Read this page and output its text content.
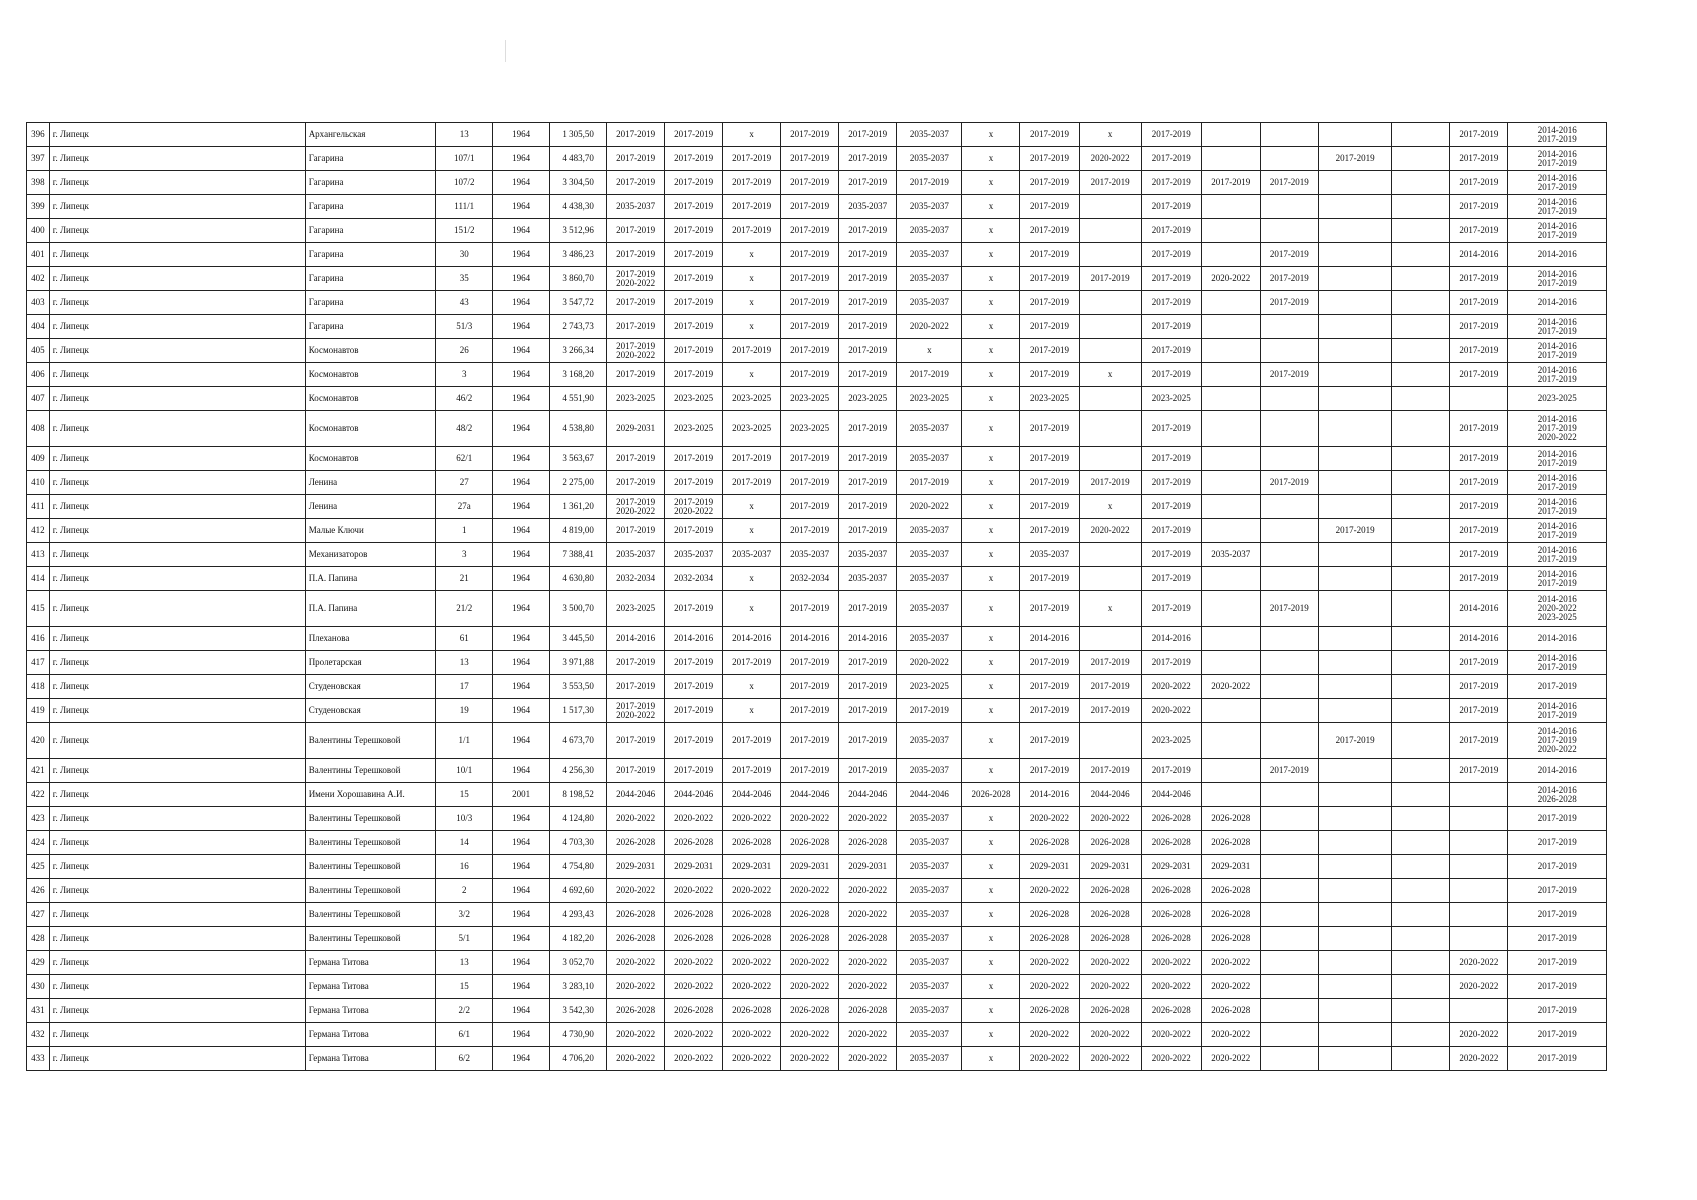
396	г. Липецк	Архангельская	13	1964	1 305,50	2017-2019	2017-2019	x	2017-2019	2017-2019	2035-2037	x	2017-2019	x	2017-2019					2017-2019	2014-2016 2017-2019
397	г. Липецк	Гагарина	107/1	1964	4 483,70	2017-2019	2017-2019	2017-2019	2017-2019	2017-2019	2035-2037	x	2017-2019	2020-2022	2017-2019			2017-2019		2017-2019	2014-2016 2017-2019
398	г. Липецк	Гагарина	107/2	1964	3 304,50	2017-2019	2017-2019	2017-2019	2017-2019	2017-2019	2017-2019	x	2017-2019	2017-2019	2017-2019	2017-2019	2017-2019			2017-2019	2014-2016 2017-2019
399	г. Липецк	Гагарина	111/1	1964	4 438,30	2035-2037	2017-2019	2017-2019	2017-2019	2035-2037	2035-2037	x	2017-2019		2017-2019					2017-2019	2014-2016 2017-2019
400	г. Липецк	Гагарина	151/2	1964	3 512,96	2017-2019	2017-2019	2017-2019	2017-2019	2017-2019	2035-2037	x	2017-2019		2017-2019					2017-2019	2014-2016 2017-2019
401	г. Липецк	Гагарина	30	1964	3 486,23	2017-2019	2017-2019	x	2017-2019	2017-2019	2035-2037	x	2017-2019		2017-2019		2017-2019			2014-2016	2014-2016
402	г. Липецк	Гагарина	35	1964	3 860,70	2017-2019 2020-2022	2017-2019	x	2017-2019	2017-2019	2035-2037	x	2017-2019	2017-2019	2017-2019	2020-2022	2017-2019			2017-2019	2014-2016 2017-2019
403	г. Липецк	Гагарина	43	1964	3 547,72	2017-2019	2017-2019	x	2017-2019	2017-2019	2035-2037	x	2017-2019		2017-2019		2017-2019			2017-2019	2014-2016
404	г. Липецк	Гагарина	51/3	1964	2 743,73	2017-2019	2017-2019	x	2017-2019	2017-2019	2020-2022	x	2017-2019		2017-2019					2017-2019	2014-2016 2017-2019
405	г. Липецк	Космонавтов	26	1964	3 266,34	2017-2019 2020-2022	2017-2019	2017-2019	2017-2019	2017-2019	x	x	2017-2019		2017-2019					2017-2019	2014-2016 2017-2019
406	г. Липецк	Космонавтов	3	1964	3 168,20	2017-2019	2017-2019	x	2017-2019	2017-2019	2017-2019	x	2017-2019	x	2017-2019		2017-2019			2017-2019	2014-2016 2017-2019
407	г. Липецк	Космонавтов	46/2	1964	4 551,90	2023-2025	2023-2025	2023-2025	2023-2025	2023-2025	2023-2025	x	2023-2025		2023-2025						2023-2025
408	г. Липецк	Космонавтов	48/2	1964	4 538,80	2029-2031	2023-2025	2023-2025	2023-2025	2017-2019	2035-2037	x	2017-2019		2017-2019					2017-2019	2014-2016 2017-2019 2020-2022
409	г. Липецк	Космонавтов	62/1	1964	3 563,67	2017-2019	2017-2019	2017-2019	2017-2019	2017-2019	2035-2037	x	2017-2019		2017-2019					2017-2019	2014-2016 2017-2019
410	г. Липецк	Ленина	27	1964	2 275,00	2017-2019	2017-2019	2017-2019	2017-2019	2017-2019	2017-2019	x	2017-2019	2017-2019	2017-2019		2017-2019			2017-2019	2014-2016 2017-2019
411	г. Липецк	Ленина	27a	1964	1 361,20	2017-2019 2020-2022	2017-2019 2020-2022	x	2017-2019	2017-2019	2020-2022	x	2017-2019	x	2017-2019					2017-2019	2014-2016 2017-2019
412	г. Липецк	Малые Ключи	1	1964	4 819,00	2017-2019	2017-2019	x	2017-2019	2017-2019	2035-2037	x	2017-2019	2020-2022	2017-2019			2017-2019		2017-2019	2014-2016 2017-2019
413	г. Липецк	Механизаторов	3	1964	7 388,41	2035-2037	2035-2037	2035-2037	2035-2037	2035-2037	2035-2037	x	2035-2037		2017-2019	2035-2037				2017-2019	2014-2016 2017-2019
414	г. Липецк	П.А. Папина	21	1964	4 630,80	2032-2034	2032-2034	x	2032-2034	2035-2037	2035-2037	x	2017-2019		2017-2019					2017-2019	2014-2016 2017-2019
415	г. Липецк	П.А. Папина	21/2	1964	3 500,70	2023-2025	2017-2019	x	2017-2019	2017-2019	2035-2037	x	2017-2019	x	2017-2019		2017-2019			2014-2016	2014-2016 2020-2022 2023-2025
416	г. Липецк	Плеханова	61	1964	3 445,50	2014-2016	2014-2016	2014-2016	2014-2016	2014-2016	2035-2037	x	2014-2016		2014-2016					2014-2016	2014-2016
417	г. Липецк	Пролетарская	13	1964	3 971,88	2017-2019	2017-2019	2017-2019	2017-2019	2017-2019	2020-2022	x	2017-2019	2017-2019	2017-2019					2017-2019	2014-2016 2017-2019
418	г. Липецк	Студеновская	17	1964	3 553,50	2017-2019	2017-2019	x	2017-2019	2017-2019	2023-2025	x	2017-2019	2017-2019	2020-2022	2020-2022				2017-2019	2017-2019
419	г. Липецк	Студеновская	19	1964	1 517,30	2017-2019 2020-2022	2017-2019	x	2017-2019	2017-2019	2017-2019	x	2017-2019	2017-2019	2020-2022					2017-2019	2014-2016 2017-2019
420	г. Липецк	Валентины Терешковой	1/1	1964	4 673,70	2017-2019	2017-2019	2017-2019	2017-2019	2017-2019	2035-2037	x	2017-2019		2023-2025			2017-2019		2017-2019	2014-2016 2017-2019 2020-2022
421	г. Липецк	Валентины Терешковой	10/1	1964	4 256,30	2017-2019	2017-2019	2017-2019	2017-2019	2017-2019	2035-2037	x	2017-2019	2017-2019	2017-2019		2017-2019			2017-2019	2014-2016
422	г. Липецк	Имени Хорошавина А.И.	15	2001	8 198,52	2044-2046	2044-2046	2044-2046	2044-2046	2044-2046	2044-2046	2026-2028	2014-2016	2044-2046	2044-2046						2014-2016 2026-2028
423	г. Липецк	Валентины Терешковой	10/3	1964	4 124,80	2020-2022	2020-2022	2020-2022	2020-2022	2020-2022	2035-2037	x	2020-2022	2020-2022	2026-2028	2026-2028					2017-2019
424	г. Липецк	Валентины Терешковой	14	1964	4 703,30	2026-2028	2026-2028	2026-2028	2026-2028	2026-2028	2035-2037	x	2026-2028	2026-2028	2026-2028	2026-2028					2017-2019
425	г. Липецк	Валентины Терешковой	16	1964	4 754,80	2029-2031	2029-2031	2029-2031	2029-2031	2029-2031	2035-2037	x	2029-2031	2029-2031	2029-2031	2029-2031					2017-2019
426	г. Липецк	Валентины Терешковой	2	1964	4 692,60	2020-2022	2020-2022	2020-2022	2020-2022	2020-2022	2035-2037	x	2020-2022	2026-2028	2026-2028	2026-2028					2017-2019
427	г. Липецк	Валентины Терешковой	3/2	1964	4 293,43	2026-2028	2026-2028	2026-2028	2026-2028	2020-2022	2035-2037	x	2026-2028	2026-2028	2026-2028	2026-2028					2017-2019
428	г. Липецк	Валентины Терешковой	5/1	1964	4 182,20	2026-2028	2026-2028	2026-2028	2026-2028	2026-2028	2035-2037	x	2026-2028	2026-2028	2026-2028	2026-2028					2017-2019
429	г. Липецк	Германа Титова	13	1964	3 052,70	2020-2022	2020-2022	2020-2022	2020-2022	2020-2022	2035-2037	x	2020-2022	2020-2022	2020-2022	2020-2022				2020-2022	2017-2019
430	г. Липецк	Германа Титова	15	1964	3 283,10	2020-2022	2020-2022	2020-2022	2020-2022	2020-2022	2035-2037	x	2020-2022	2020-2022	2020-2022	2020-2022				2020-2022	2017-2019
431	г. Липецк	Германа Титова	2/2	1964	3 542,30	2026-2028	2026-2028	2026-2028	2026-2028	2026-2028	2035-2037	x	2026-2028	2026-2028	2026-2028	2026-2028					2017-2019
432	г. Липецк	Германа Титова	6/1	1964	4 730,90	2020-2022	2020-2022	2020-2022	2020-2022	2020-2022	2035-2037	x	2020-2022	2020-2022	2020-2022	2020-2022				2020-2022	2017-2019
433	г. Липецк	Германа Титова	6/2	1964	4 706,20	2020-2022	2020-2022	2020-2022	2020-2022	2020-2022	2035-2037	x	2020-2022	2020-2022	2020-2022	2020-2022				2020-2022	2017-2019
